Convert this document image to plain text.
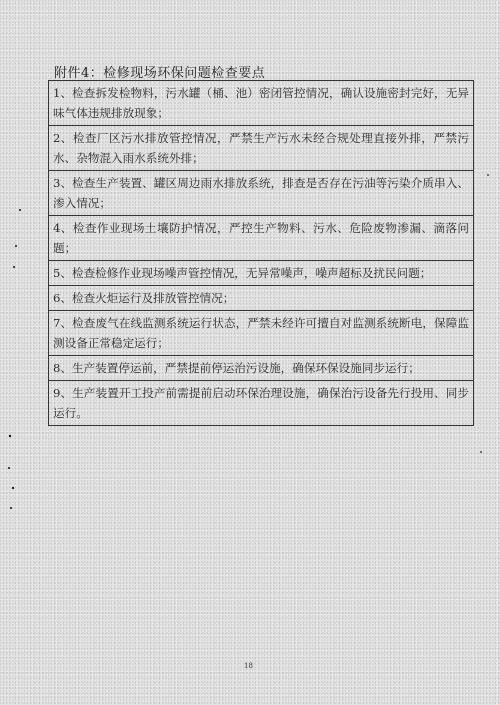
附件4：检修现场环保问题检查要点
1、检查拆发检物料，污水罐（桶、池）密闭管控情况，确认设施密封完好，无异味气体违规排放现象；
2、检查厂区污水排放管控情况，严禁生产污水未经合规处理直接外排，严禁污水、杂物混入雨水系统外排；
3、检查生产装置、罐区周边雨水排放系统，排查是否存在污油等污染介质串入、渗入情况；
4、检查作业现场土壤防护情况，严控生产物料、污水、危险废物渗漏、滴落问题；
5、检查检修作业现场噪声管控情况，无异常噪声，噪声超标及扰民问题；
6、检查火炬运行及排放管控情况；
7、检查废气在线监测系统运行状态，严禁未经许可擅自对监测系统断电，保障监测设备正常稳定运行；
8、生产装置停运前，严禁提前停运治污设施，确保环保设施同步运行；
9、生产装置开工投产前需提前启动环保治理设施，确保治污设备先行投用、同步运行。
18
